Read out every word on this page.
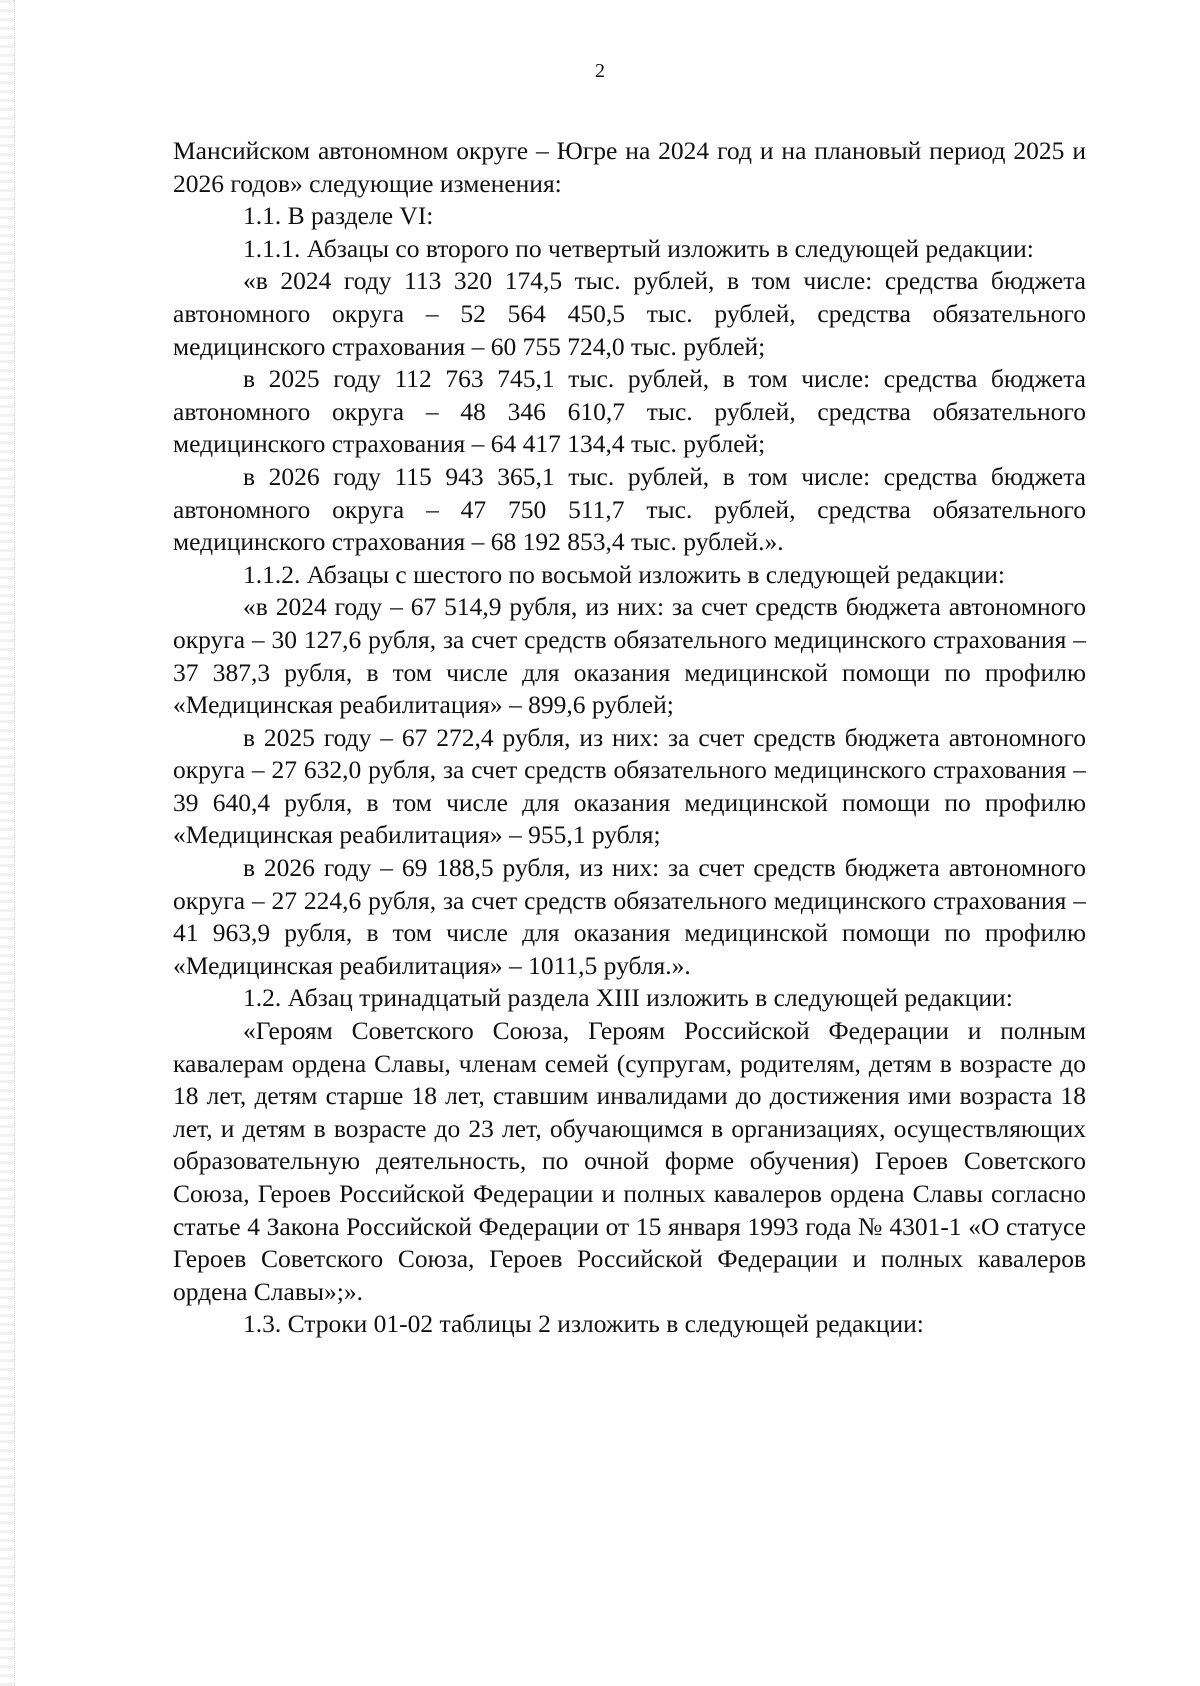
2

Мансийском автономном округе – Югре на 2024 год и на плановый период 2025 и 2026 годов» следующие изменения:

1.1. В разделе VI:

1.1.1. Абзацы со второго по четвертый изложить в следующей редакции:

«в 2024 году 113 320 174,5 тыс. рублей, в том числе: средства бюджета автономного округа – 52 564 450,5 тыс. рублей, средства обязательного медицинского страхования – 60 755 724,0 тыс. рублей;

в 2025 году 112 763 745,1 тыс. рублей, в том числе: средства бюджета автономного округа – 48 346 610,7 тыс. рублей, средства обязательного медицинского страхования – 64 417 134,4 тыс. рублей;

в 2026 году 115 943 365,1 тыс. рублей, в том числе: средства бюджета автономного округа – 47 750 511,7 тыс. рублей, средства обязательного медицинского страхования – 68 192 853,4 тыс. рублей.».

1.1.2. Абзацы с шестого по восьмой изложить в следующей редакции:

«в 2024 году – 67 514,9 рубля, из них: за счет средств бюджета автономного округа – 30 127,6 рубля, за счет средств обязательного медицинского страхования – 37 387,3 рубля, в том числе для оказания медицинской помощи по профилю «Медицинская реабилитация» – 899,6 рублей;

в 2025 году – 67 272,4 рубля, из них: за счет средств бюджета автономного округа – 27 632,0 рубля, за счет средств обязательного медицинского страхования – 39 640,4 рубля, в том числе для оказания медицинской помощи по профилю «Медицинская реабилитация» – 955,1 рубля;

в 2026 году – 69 188,5 рубля, из них: за счет средств бюджета автономного округа – 27 224,6 рубля, за счет средств обязательного медицинского страхования – 41 963,9 рубля, в том числе для оказания медицинской помощи по профилю «Медицинская реабилитация» – 1011,5 рубля.».

1.2. Абзац тринадцатый раздела XIII изложить в следующей редакции:

«Героям Советского Союза, Героям Российской Федерации и полным кавалерам ордена Славы, членам семей (супругам, родителям, детям в возрасте до 18 лет, детям старше 18 лет, ставшим инвалидами до достижения ими возраста 18 лет, и детям в возрасте до 23 лет, обучающимся в организациях, осуществляющих образовательную деятельность, по очной форме обучения) Героев Советского Союза, Героев Российской Федерации и полных кавалеров ордена Славы согласно статье 4 Закона Российской Федерации от 15 января 1993 года № 4301-1 «О статусе Героев Советского Союза, Героев Российской Федерации и полных кавалеров ордена Славы»;».

1.3. Строки 01-02 таблицы 2 изложить в следующей редакции:
